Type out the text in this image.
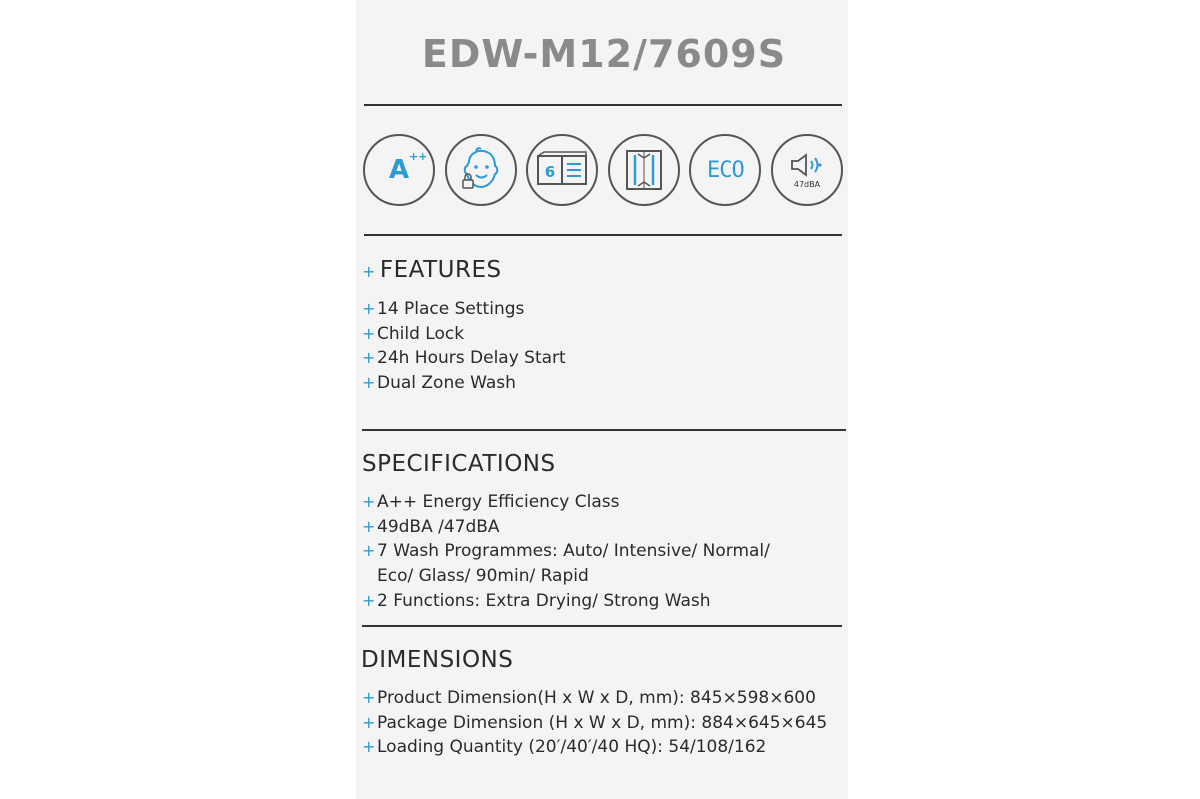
EDW-M12/7609S
A ++
6	ECO
47dBA
+ FEATURES
+ 14 Place Settings
+ Child Lock
+ 24h Hours Delay Start
+ Dual Zone Wash
SPECIFICATIONS
+ A++ Energy Efficiency Class
+ 49dBA /47dBA
+ 7 Wash Programmes: Auto/ Intensive/ Normal/
Eco/ Glass/ 90min/ Rapid
+ 2 Functions: Extra Drying/ Strong Wash
DIMENSIONS
+ Product Dimension(H x W x D, mm): 845×598×600
+ Package Dimension (H x W x D, mm): 884×645×645
+ Loading Quantity (20′/40′/40 HQ): 54/108/162
